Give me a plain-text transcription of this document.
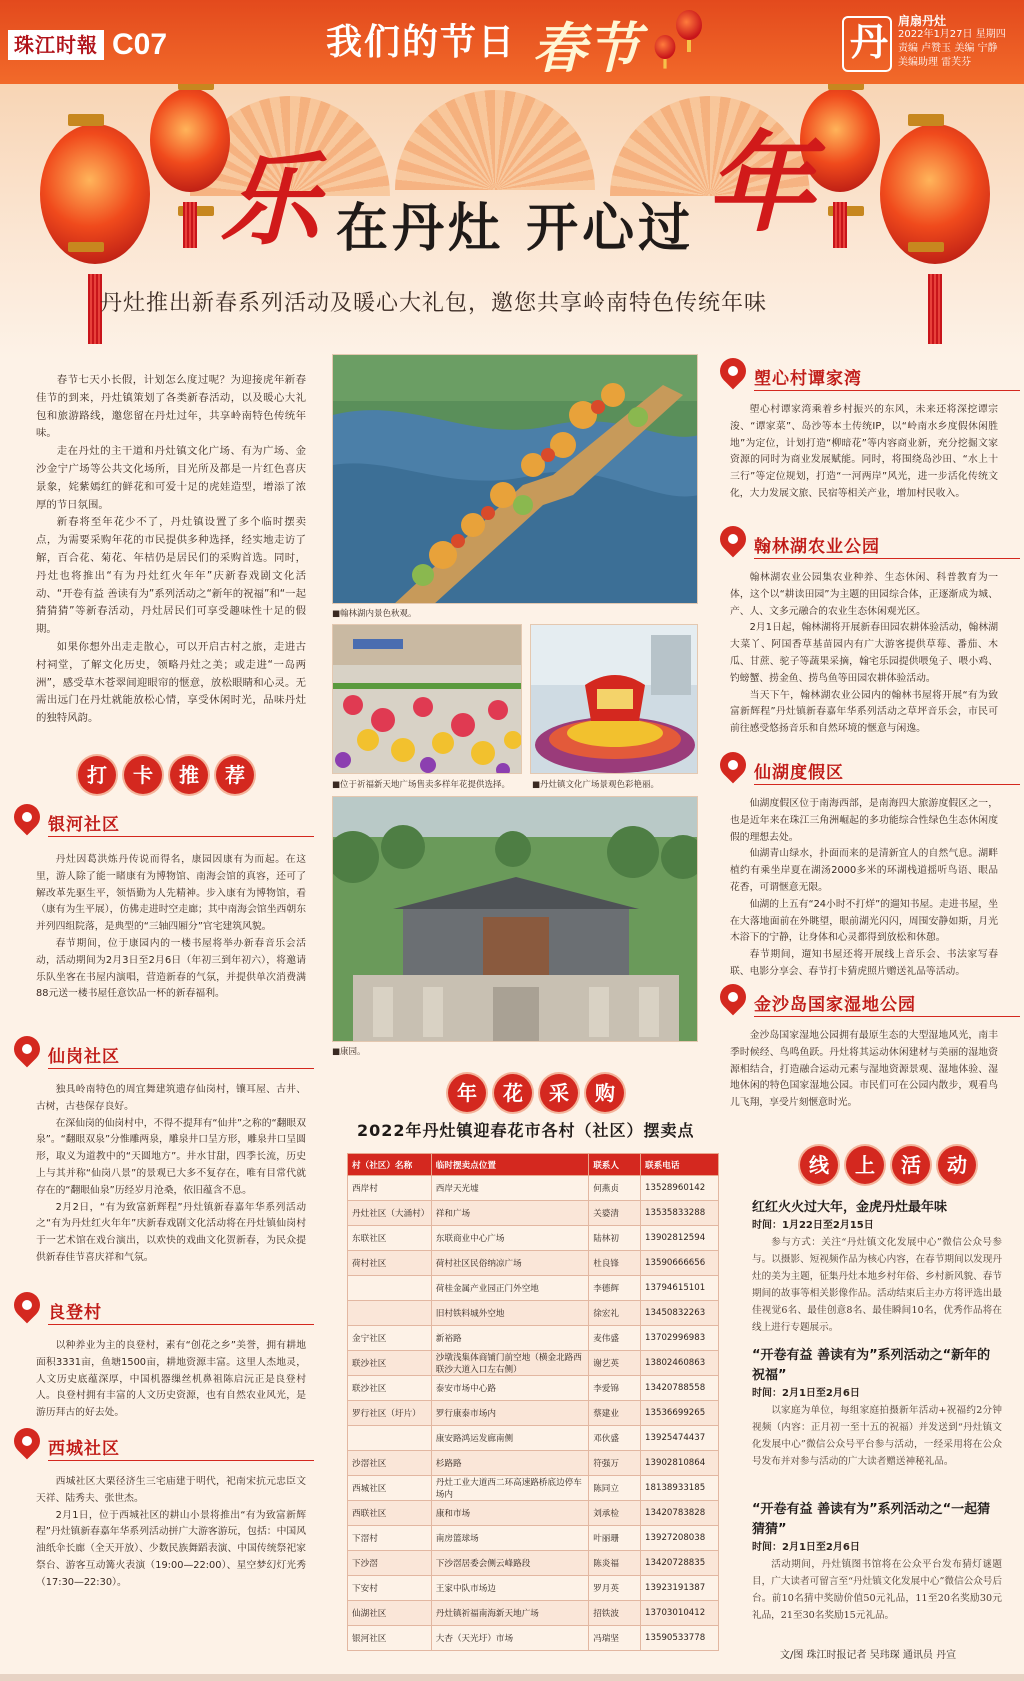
珠江时報 C07	我们的节日 春节	丹 肩扇丹灶
2022年1月27日 星期四
责编 卢赞玉 美编 宁静
美编助理 雷芙芬
乐 在丹灶 开心过 年
丹灶推出新春系列活动及暖心大礼包，邀您共享岭南特色传统年味

春节七天小长假，计划怎么度过呢？为迎接虎年新春佳节的到来，丹灶镇策划了各类新春活动，以及暖心大礼包和旅游路线，邀您留在丹灶过年，共享岭南特色传统年味。

走在丹灶的主干道和丹灶镇文化广场、有为广场、金沙金宁广场等公共文化场所，目光所及都是一片红色喜庆景象，姹紫嫣红的鲜花和可爱十足的虎娃造型，增添了浓厚的节日氛围。

新春将至年花少不了，丹灶镇设置了多个临时摆卖点，为需要采购年花的市民提供多种选择，经实地走访了解，百合花、菊花、年桔仍是居民们的采购首选。同时，丹灶也将推出“有为丹灶红火年年”庆新春戏剧文化活动、“开卷有益 善读有为”系列活动之“新年的祝福”和“一起猜猜猜”等新春活动，丹灶居民们可享受趣味性十足的假期。

如果你想外出走走散心，可以开启古村之旅，走进古村祠堂，了解文化历史，领略丹灶之美；或走进“一岛两洲”，感受草木苍翠间迎眼帘的惬意，放松眼睛和心灵。无需出远门在丹灶就能放松心情，享受休闲时光，品味丹灶的独特风韵。

打	卡	推	荐
银河社区

丹灶因葛洪炼丹传说而得名，康园因康有为而起。在这里，游人除了能一睹康有为博物馆、南海会馆的真容，还可了解改革先驱生平，领悟勤为人先精神。步入康有为博物馆，看（康有为生平展），仿佛走进时空走廊；其中南海会馆坐西朝东并列四组院落，是典型的“三轴四厢分”官宅建筑风貌。

春节期间，位于康园内的一楼书屋将举办新春音乐会活动，活动期间为2月3日至2月6日（年初三到年初六），将邀请乐队坐客在书屋内演唱，营造新春的气氛，并提供单次消费满88元送一楼书屋任意饮品一杯的新春福利。

仙岗社区

独具岭南特色的周宜舞建筑遗存仙岗村，镶耳屋、古井、古树，古巷保存良好。

在深仙岗的仙岗村中，不得不提拜有“仙井”之称的“翻眼双泉”。“翻眼双泉”分惟雕两泉，雕泉井口呈方形，雕泉井口呈圆形，取义为道教中的“天圆地方”。井水甘甜，四季长流，历史上与其并称“仙岗八景”的景观已大多不复存在，唯有目常代就存在的“翻眼仙泉”历经岁月沧桑，依旧蕴含不息。

2月2日，“有为致富新辉程”丹灶镇新春嘉年华系列活动之“有为丹灶红火年年”庆新春戏剧文化活动将在丹灶镇仙岗村于一艺术馆在戏台演出，以欢快的戏曲文化贺新春，为民众提供新春佳节喜庆祥和气氛。

良登村

以种养业为主的良登村，素有“创花之乡”美誉，拥有耕地面积3331亩，鱼塘1500亩，耕地资源丰富。这里人杰地灵，人文历史底蕴深厚，中国机器缫丝机鼻祖陈启沅正是良登村人。良登村拥有丰富的人文历史资源，也有自然农业风光，是游历拜古的好去处。

西城社区

西城社区大栗径济生三宅庙建于明代，祀南宋抗元忠臣文天祥、陆秀夫、张世杰。

2月1日，位于西城社区的耕山小景将推出“有为致富新辉程”丹灶镇新春嘉年华系列活动拼广大游客游玩，包括：中国风油纸伞长廊（全天开放）、少数民族舞蹈表演、中国传统祭祀家祭台、游客互动篝火表演（19:00—22:00）、星空梦幻灯光秀（17:30—22:30）。

■翰林湖内景色秋观。
■位于祈福新天地广场售卖多样年花提供选择。	■丹灶镇文化广场景观色彩艳丽。
■康园。
塱心村谭家湾

塱心村谭家湾乘着乡村振兴的东风，未来还将深挖谭宗浚、“谭家菜”、岛沙等本土传统IP，以“岭南水乡度假休闲胜地”为定位，计划打造“柳暗花”等内容商业新，充分挖掘文家资源的同时为商业发展赋能。同时，将围绕岛沙田、“水上十三行”等定位规划，打造“一河两岸”风光，进一步活化传统文化，大力发展文旅、民宿等相关产业，增加村民收入。

翰林湖农业公园

翰林湖农业公园集农业种养、生态休闲、科普教育为一体，这个以“耕读田园”为主题的田园综合体，正逐渐成为城、产、人、文多元融合的农业生态休闲观光区。

2月1日起，翰林湖将开展新春田园农耕体验活动，翰林湖大菜丫、阿国香草基苗园内有广大游客提供草莓、番茄、木瓜、甘蔗、驼子等蔬果采摘，翰宅乐园提供喂兔子、喂小鸡、钓螃蟹、捞金鱼、捞鸟鱼等田园农耕体验活动。

当天下午，翰林湖农业公园内的翰林书屋将开展“有为致富新辉程”丹灶镇新春嘉年华系列活动之草坪音乐会，市民可前往感受悠扬音乐和自然环境的惬意与闲逸。

仙湖度假区

仙湖度假区位于南海西部，是南海四大旅游度假区之一，也是近年来在珠江三角洲崛起的多功能综合性绿色生态休闲度假的理想去处。

仙湖青山绿水，扑面而来的是清新宜人的自然气息。湖畔植约有乘坐岸夏在湖汤2000多米的环湖栈道摇听鸟语、眼品花香，可谓惬意无限。

仙湖的上五有“24小时不打烊”的遛知书屋。走进书屋，坐在大落地面前在外眺望，眼前湖光闪闪，周围安静如斯，月光木浴下的宁静，让身体和心灵都得到放松和休憩。

春节期间，遛知书屋还将开展线上音乐会、书法家写春联、电影分享会、春节打卡猜虎照片赠送礼品等活动。

金沙岛国家湿地公园

金沙岛国家湿地公园拥有最原生态的大型湿地风光，南丰季时候经、鸟鸣鱼跃。丹灶将其运动休闲建材与美丽的湿地资源相结合，打造融合运动元素与湿地资源景观、湿地体验、湿地休闲的特色国家湿地公园。市民们可在公园内散步，观看鸟儿飞翔，享受片刻惬意时光。

年	花	采	购
2022年丹灶镇迎春花市各村（社区）摆卖点
村（社区）名称	临时摆卖点位置	联系人	联系电话
西岸村	西岸天光墟	何燕贞	13528960142
丹灶社区（大涌村）	祥和广场	关婆清	13535833288
东联社区	东联商业中心广场	陆林初	13902812594
荷村社区	荷村社区民俗纳凉广场	杜良锋	13590666656
	荷桂金属产业园正门外空地	李德辉	13794615101
	旧村铁料城外空地	徐宏礼	13450832263
金宁社区	新裕路	麦伟盛	13702996983
联沙社区	沙墩浅集体商铺门前空地（横金北路西联沙大道入口左右侧）	谢艺英	13802460863
联沙社区	泰安市场中心路	李爱锦	13420788558
罗行社区（圩片）	罗行康泰市场内	蔡建业	13536699265
	康安路鸿运发廊南侧	邓伙盛	13925474437
沙滘社区	杉路路	符强万	13902810864
西城社区	丹灶工业大道西二环高速路桥底边停车场内	陈同立	18138933185
西联社区	康和市场	刘承检	13420783828
下滘村	南房篮球场	叶丽珊	13927208038
下沙滘	下沙滘居委会侧云峰路段	陈炎福	13420728835
下安村	王家中队市场边	罗月英	13923191387
仙湖社区	丹灶镇祈福南海新天地广场	招铁波	13703010412
银河社区	大杏（天光圩）市场	冯瑞坚	13590533778
线	上	活	动
红红火火过大年，金虎丹灶最年味
时间：1月22日至2月15日
参与方式：关注“丹灶镇文化发展中心”微信公众号参与。以摄影、短视频作品为核心内容，在春节期间以发现丹灶的美为主题，征集丹灶本地乡村年俗、乡村新风貌、春节期间的故事等相关影像作品。活动结束后主办方将评选出最佳视觉6名、最佳创意8名、最佳瞬间10名，优秀作品将在线上进行专题展示。
“开卷有益 善读有为”系列活动之“新年的祝福”
时间：2月1日至2月6日
以家庭为单位，每组家庭拍摄新年活动+祝福约2分钟视频（内容：正月初一至十五的祝福）并发送到“丹灶镇文化发展中心”微信公众号平台参与活动，一经采用将在公众号发布并对参与活动的广大读者赠送神秘礼品。
“开卷有益 善读有为”系列活动之“一起猜猜猜”
时间：2月1日至2月6日
活动期间，丹灶镇图书馆将在公众平台发布猜灯谜题目，广大读者可留言至“丹灶镇文化发展中心”微信公众号后台。前10名猜中奖励价值50元礼品，11至20名奖励30元礼品，21至30名奖励15元礼品。
文/图 珠江时报记者 吴玮琛 通讯员 丹宣
